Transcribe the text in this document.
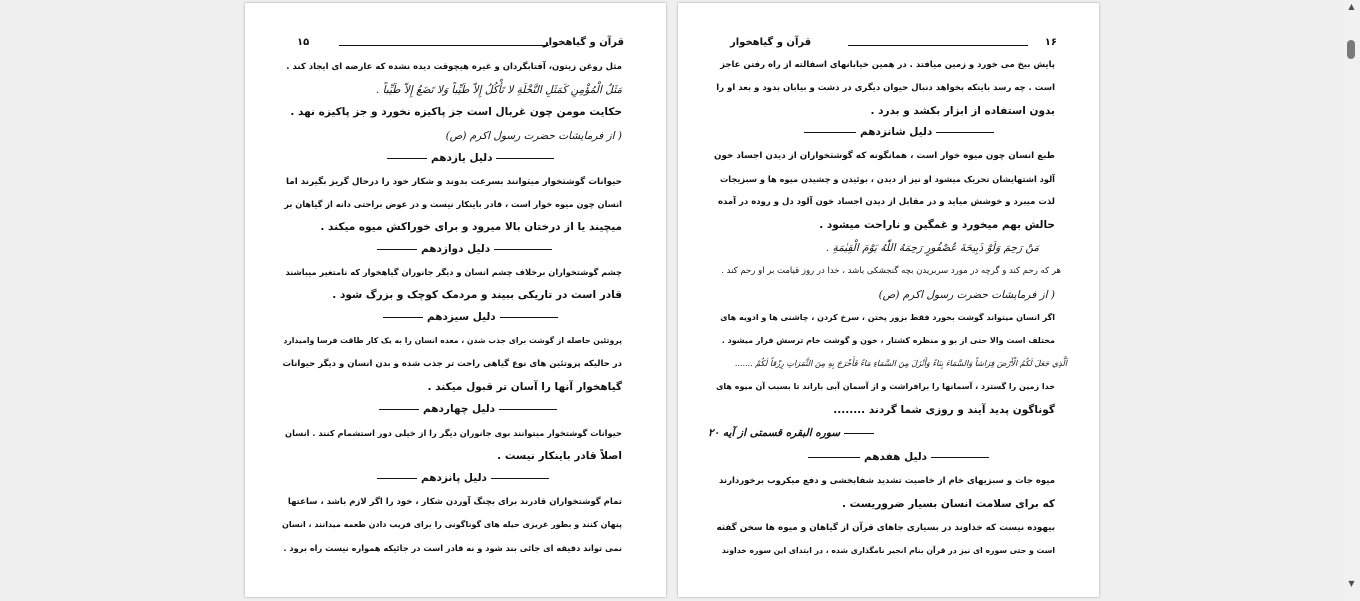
۱۵	قرآن و گیاهخوار
مثل روغن زیتون، آفتابگردان و غیره هیچوقت دیده نشده که عارضه ای ایجاد کند .
مَثَلُ الْمُؤْمِنِ كَمَثَلِ النَّخْلَةِ لا تَأْكُلُ إِلاّ طَيِّباً وَلا تَضَعُ إِلاّ طَيِّباً .
حکایت مومن چون غربال است جز پاکیزه نخورد و جز پاکیزه نهد .
( از فرمایشات حضرت رسول اکرم (ص)
دلیل یازدهم
حیوانات گوشتخوار میتوانند بسرعت بدوند و شکار خود را درحال گریز بگیرند اما
انسان چون میوه خوار است ، قادر باینکار نیست و در عوض براحتی دانه از گیاهان بر
میچیند یا از درختان بالا میرود و برای خوراکش میوه میکند .
دلیل دوازدهم
چشم گوشتخواران برخلاف چشم انسان و دیگر جانوران گیاهخوار که نامتغیر میباشند
قادر است در تاریکی ببیند و مردمک کوچک و بزرگ شود .
دلیل سیزدهم
پروتئین حاصله از گوشت برای جذب شدن ، معده انسان را به یک کار طاقت فرسا وامیدارد
در حالیکه پروتئین های نوع گیاهی راحت تر جذب شده و بدن انسان و دیگر حیوانات
گیاهخوار آنها را آسان تر قبول میکند .
دلیل چهاردهم
حیوانات گوشتخوار میتوانند بوی جانوران دیگر را از خیلی دور استشمام کنند . انسان
اصلاً قادر باینکار نیست .
دلیل پانزدهم
تمام گوشتخواران قادرند برای بچنگ آوردن شکار ، خود را اگر لازم باشد ، ساعتها
پنهان کنند و بطور غریزی حیله های گوناگونی را برای فریب دادن طعمه میدانند ، انسان
نمی تواند دقیقه ای جائی بند شود و نه قادر است در جائیکه همواره نیست راه برود .
قرآن و گیاهخوار	۱۶
پایش بیخ می خورد و زمین میافتد . در همین خیابانهای اسفالته از راه رفتن عاجز
است . چه رسد باینکه بخواهد دنبال حیوان دیگری در دشت و بیابان بدود و بعد او را
بدون استفاده از ابزار بکشد و بدرد .
دلیل شانزدهم
طبع انسان چون میوه خوار است ، همانگونه که گوشتخواران از دیدن اجساد خون
آلود اشتهایشان تحریک میشود او نیز از دیدن ، بوئیدن و چشیدن میوه ها و سبزیجات
لذت میبرد و خوشش میاید و در مقابل از دیدن اجساد خون آلود دل و روده در آمده
حالش بهم میخورد و غمگین و ناراحت میشود .
مَنْ رَحِمَ وَلَوْ ذَبِيحَةَ عُصْفُورٍ رَحِمَهُ اللّٰهُ يَوْمَ الْقِيٰمَةِ .
هر که رحم کند و گرچه در مورد سربریدن بچه گنجشکی باشد ، خدا در روز قیامت بر او رحم کند .
( از فرمایشات حضرت رسول اکرم (ص)
اگر انسان میتواند گوشت بخورد فقط بزور پختن ، سرخ کردن ، چاشنی ها و ادویه های
مختلف است والا حتی از بو و منظره کشتار ، خون و گوشت خام ترسش فرار میشود .
اَلَّذِي جَعَلَ لَكُمُ الْأَرْضَ فِرَاشاً وَالسَّمَاءَ بِنَاءً وَأَنْزَلَ مِنَ السَّمَاءِ مَاءً فَأَخْرَجَ بِهِ مِنَ الثَّمَرَاتِ رِزْقاً لَكُمْ .......
خدا زمین را گسترد ، آسمانها را برافراشت و از آسمان آبی باراند تا بسبب آن میوه های
گوناگون پدید آیند و روزی شما گردند ........
سوره البقره قسمتی از آیه ۲۰
دلیل هفدهم
میوه جات و سبزیهای خام از خاصیت تشدید شفابخشی و دفع میکروب برخوردارند
که برای سلامت انسان بسیار ضروریست .
بیهوده نیست که خداوند در بسیاری جاهای قرآن از گیاهان و میوه ها سخن گفته
است و حتی سوره ای نیز در قرآن بنام انجیر نامگذاری شده ، در ابتدای این سوره خداوند
▲
▼
